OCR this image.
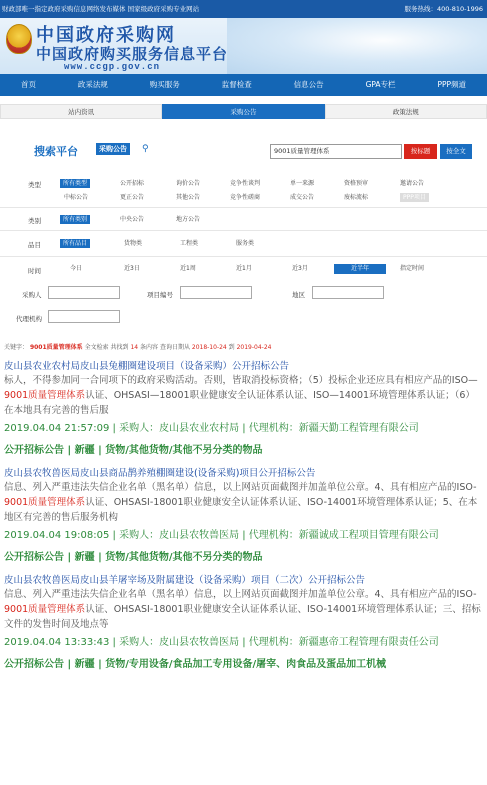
财政部唯一指定政府采购信息网络发布媒体 国家级政府采购专业网站	服务热线：400-810-1996
中国政府采购网
中国政府购买服务信息平台
www.ccgp.gov.cn
首页	政采法规	购买服务	监督检查	信息公告	GPA专栏	PPP频道
站内资讯	采购公告	政策法规
搜索平台	采购公告	⚲	9001质量管理体系	按标题	按全文
类型	所有类型	公开招标	询价公告	竞争性谈判	单一来源	资格预审	邀请公告
中标公告	更正公告	其他公告	竞争性磋商	成交公告	废标流标	PPP项目
类别	所有类别	中央公告	地方公告
品目	所有品目	货物类	工程类	服务类
时间	今日	近3日	近1周	近1月	近3月	近半年	指定时间
采购人	项目编号	地区
代理机构
关键字： 9001质量管理体系 全文检索 共找到 14 条内容 查询日期从 2018-10-24 到 2019-04-24
皮山县农业农村局皮山县兔棚圈建设项目（设备采购）公开招标公告
标人，不得参加同一合同项下的政府采购活动。否则，皆取消投标资格；（5）投标企业还应具有相应产品的ISO—9001质量管理体系认证、OHSASI—18001职业健康安全认证体系认证、ISO—14001环境管理体系认证；（6）在本地具有完善的售后服
2019.04.04 21:57:09 | 采购人：皮山县农业农村局 | 代理机构：新疆天勤工程管理有限公司
公开招标公告 | 新疆 | 货物/其他货物/其他不另分类的物品
皮山县农牧兽医局皮山县商品鹊养殖棚圈建设(设备采购)项目公开招标公告
信息、列入严重违法失信企业名单（黑名单）信息，以上网站页面截图并加盖单位公章。4、具有相应产品的ISO-9001质量管理体系认证、OHSASI-18001职业健康安全认证体系认证、ISO-14001环境管理体系认证；5、在本地区有完善的售后服务机构
2019.04.04 19:08:05 | 采购人：皮山县农牧兽医局 | 代理机构：新疆诚成工程项目管理有限公司
公开招标公告 | 新疆 | 货物/其他货物/其他不另分类的物品
皮山县农牧兽医局皮山县羊屠宰场及附属建设（设备采购）项目（二次）公开招标公告
信息、列入严重违法失信企业名单（黑名单）信息，以上网站页面截图并加盖单位公章。4、具有相应产品的ISO-9001质量管理体系认证、OHSASI-18001职业健康安全认证体系认证、ISO-14001环境管理体系认证；三、招标文件的发售时间及地点等
2019.04.04 13:33:43 | 采购人：皮山县农牧兽医局 | 代理机构：新疆惠帝工程管理有限责任公司
公开招标公告 | 新疆 | 货物/专用设备/食品加工专用设备/屠宰、肉食品及蛋品加工机械
